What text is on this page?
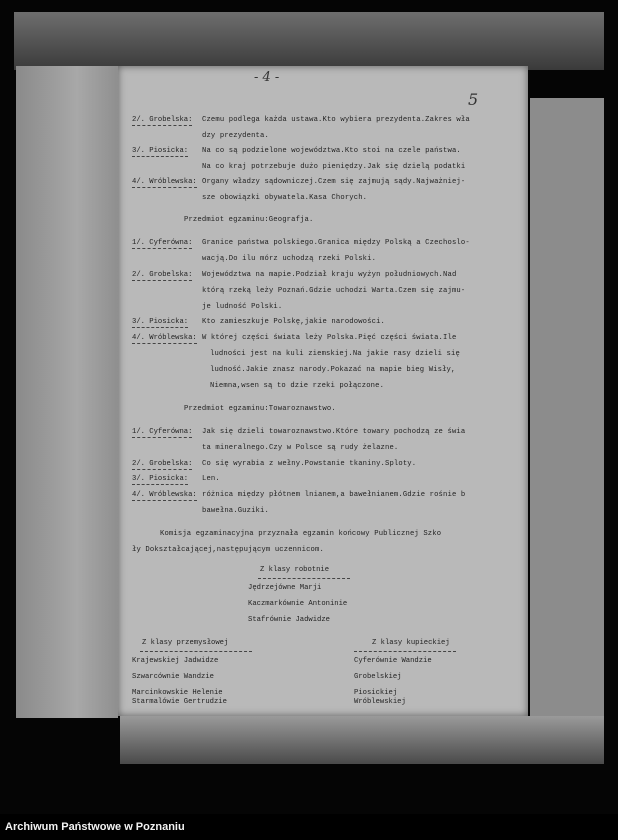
- 4 -
5
2/. Grobelska: Czemu podlega każda ustawa.Kto wybiera prezydenta.Zakres wła
dzy prezydenta.
3/. Piosicka: Na co są podzielone województwa.Kto stoi na czele państwa.
Na co kraj potrzebuje dużo pieniędzy.Jak się dzielą podatki
4/. Wróblewska: Organy władzy sądowniczej.Czem się zajmują sądy.Najważniej-
sze obowiązki obywatela.Kasa Chorych.
Przedmiot egzaminu:Geografja.
1/. Cyferówna: Granice państwa polskiego.Granica między Polską a Czechoslo-
wacją.Do ilu mórz uchodzą rzeki Polski.
2/. Grobelska: Województwa na mapie.Podział kraju wyżyn południowych.Nad
którą rzeką leży Poznań.Gdzie uchodzi Warta.Czem się zajmu-
je ludność Polski.
3/. Piosicka: Kto zamieszkuje Polskę,jakie narodowości.
4/. Wróblewska: W której części świata leży Polska.Pięć części świata.Ile
ludności jest na kuli ziemskiej.Na jakie rasy dzieli się
ludność.Jakie znasz narody.Pokazać na mapie bieg Wisły,
Niemna,wsen są to dzie rzeki połączone.
Przedmiot egzaminu:Towaroznawstwo.
1/. Cyferówna: Jak się dzieli towaroznawstwo.Które towary pochodzą ze świa
ta mineralnego.Czy w Polsce są rudy żelazne.
2/. Grobelska: Co się wyrabia z wełny.Powstanie tkaniny.Sploty.
3/. Piosicka: Len.
4/. Wróblewska: różnica między płótnem lnianem,a bawełnianem.Gdzie rośnie b
bawełna.Guziki.
Komisja egzaminacyjna przyznała egzamin końcowy Publicznej Szko
ły Dokształcającej,następującym uczennicom.
Z klasy robotnie
Jędrzejówne Marji
Kaczmarkównie Antoninie
Stafrównie Jadwidze
Z klasy przemysłowej
Krajewskiej Jadwidze
Szwarcównie Wandzie
Marcinkowskie Helenie
Starmalówie Gertrudzie
Z klasy kupieckiej
Cyferównie Wandzie
Grobelskiej
Piosickiej
Wróblewskiej
Archiwum Państwowe w Poznaniu
